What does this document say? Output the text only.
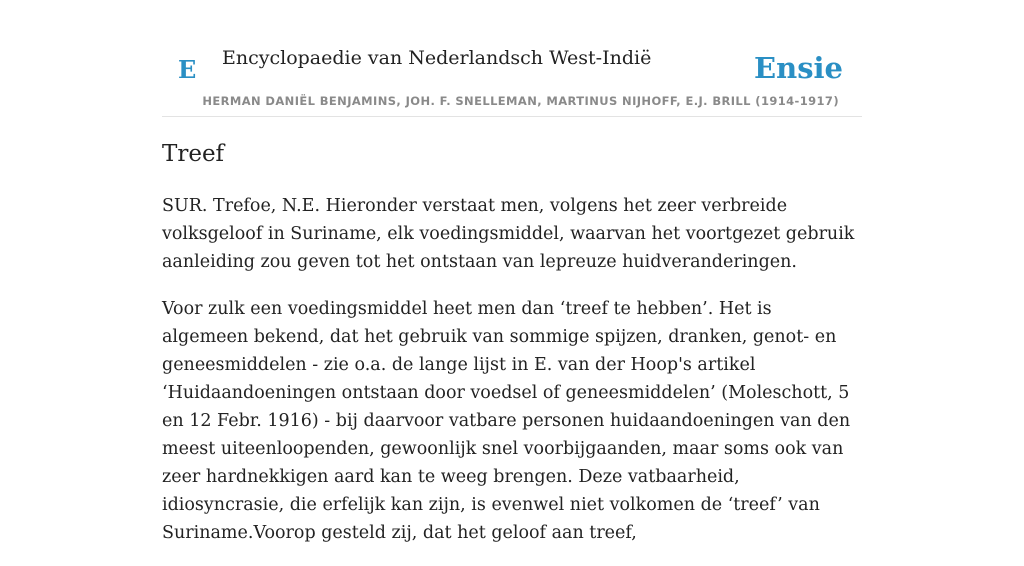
E Encyclopaedie van Nederlandsch West-Indië	Ensie
HERMAN DANIËL BENJAMINS, JOH. F. SNELLEMAN, MARTINUS NIJHOFF, E.J. BRILL (1914-1917)
Treef

SUR. Trefoe, N.E. Hieronder verstaat men, volgens het zeer verbreide volksgeloof in Suriname, elk voedingsmiddel, waarvan het voortgezet gebruik aanleiding zou geven tot het ontstaan van lepreuze huidveranderingen.

Voor zulk een voedingsmiddel heet men dan ‘treef te hebben’. Het is algemeen bekend, dat het gebruik van sommige spijzen, dranken, genot- en geneesmiddelen - zie o.a. de lange lijst in E. van der Hoop's artikel ‘Huidaandoeningen ontstaan door voedsel of geneesmiddelen’ (Moleschott, 5 en 12 Febr. 1916) - bij daarvoor vatbare personen huidaandoeningen van den meest uiteenloopenden, gewoonlijk snel voorbijgaanden, maar soms ook van zeer hardnekkigen aard kan te weeg brengen. Deze vatbaarheid, idiosyncrasie, die erfelijk kan zijn, is evenwel niet volkomen de ‘treef’ van Suriname.Voorop gesteld zij, dat het geloof aan treef,
